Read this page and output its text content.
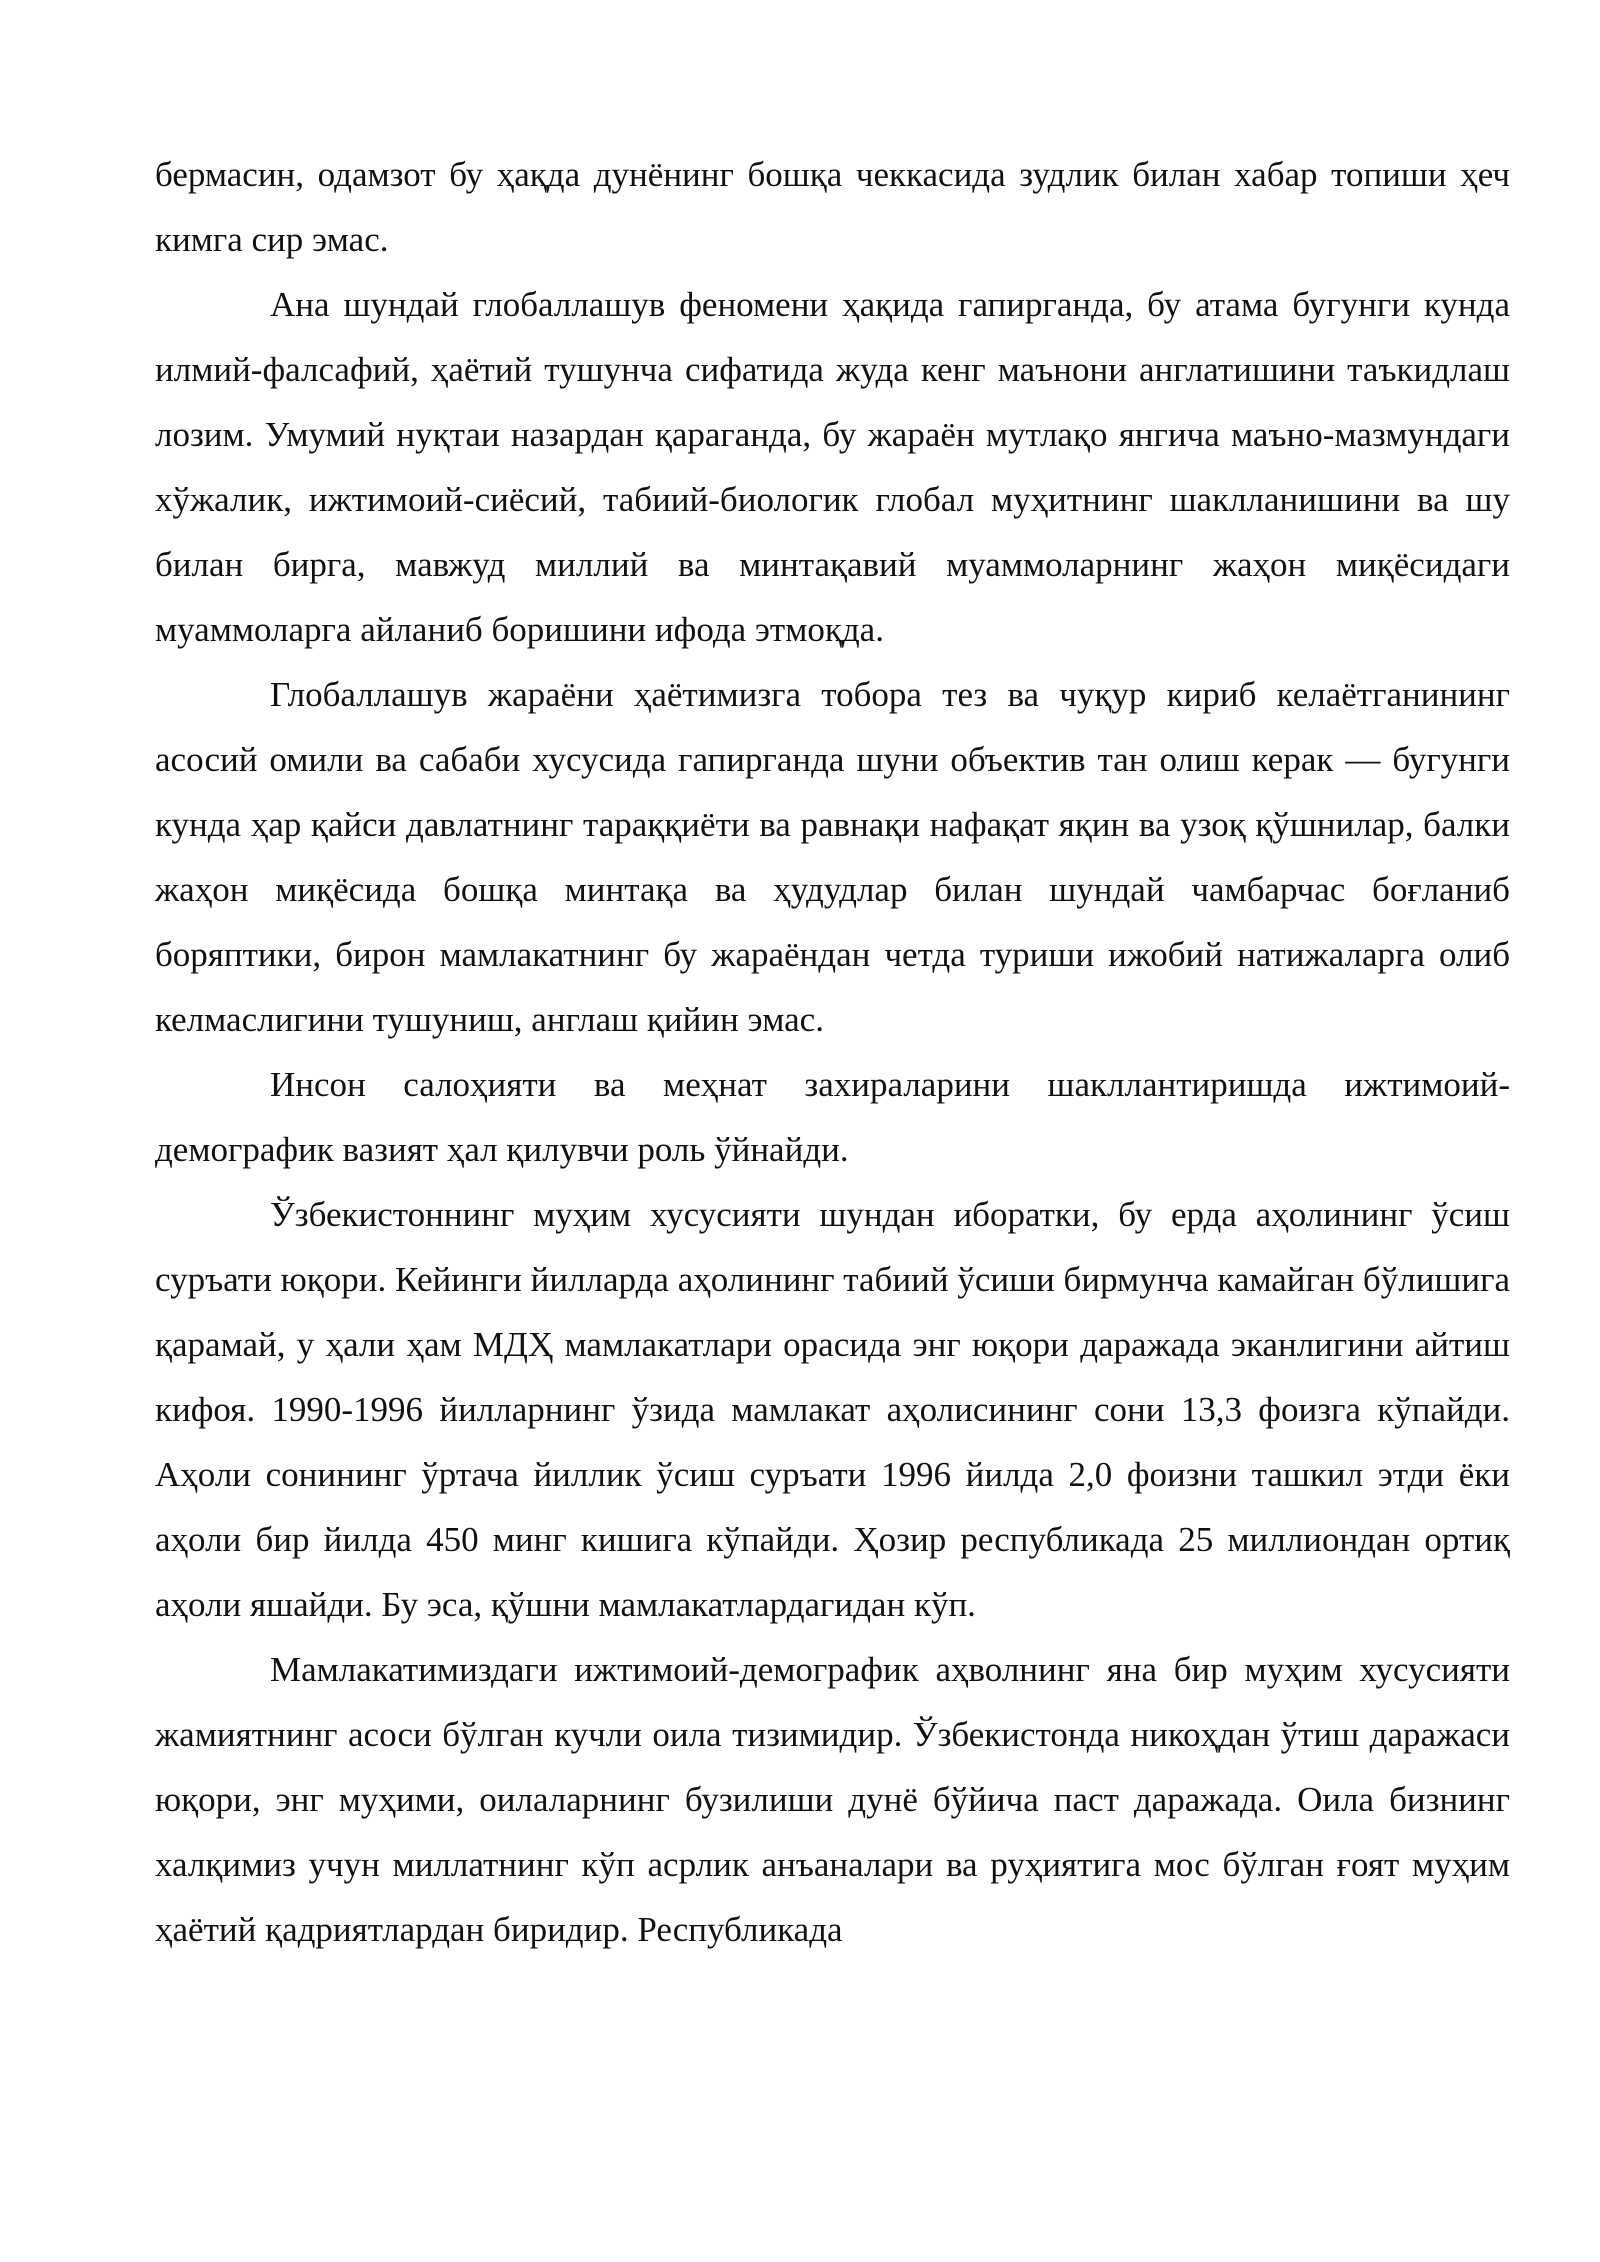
бермасин, одамзот бу ҳақда дунёнинг бошқа чеккасида зудлик билан хабар топиши ҳеч кимга сир эмас.

Ана шундай глобаллашув феномени ҳақида гапирганда, бу атама бугунги кунда илмий-фалсафий, ҳаётий тушунча сифатида жуда кенг маънони англатишини таъкидлаш лозим. Умумий нуқтаи назардан қараганда, бу жараён мутлақо янгича маъно-мазмундаги хўжалик, ижтимоий-сиёсий, табиий-биологик глобал муҳитнинг шаклланишини ва шу билан бирга, мавжуд миллий ва минтақавий муаммоларнинг жаҳон миқёсидаги муаммоларга айланиб боришини ифода этмоқда.

Глобаллашув жараёни ҳаётимизга тобора тез ва чуқур кириб келаётганининг асосий омили ва сабаби хусусида гапирганда шуни объектив тан олиш керак — бугунги кунда ҳар қайси давлатнинг тараққиёти ва равнақи нафақат яқин ва узоқ қўшнилар, балки жаҳон миқёсида бошқа минтақа ва ҳудудлар билан шундай чамбарчас боғланиб боряптики, бирон мамлакатнинг бу жараёндан четда туриши ижобий натижаларга олиб келмаслигини тушуниш, англаш қийин эмас.

Инсон салоҳияти ва меҳнат захираларини шакллантиришда ижтимоий-демографик вазият ҳал қилувчи роль ўйнайди.

Ўзбекистоннинг муҳим хусусияти шундан иборатки, бу ерда аҳолининг ўсиш суръати юқори. Кейинги йилларда аҳолининг табиий ўсиши бирмунча камайган бўлишига қарамай, у ҳали ҳам МДҲ мамлакатлари орасида энг юқори даражада эканлигини айтиш кифоя. 1990-1996 йилларнинг ўзида мамлакат аҳолисининг сони 13,3 фоизга кўпайди. Аҳоли сонининг ўртача йиллик ўсиш суръати 1996 йилда 2,0 фоизни ташкил этди ёки аҳоли бир йилда 450 минг кишига кўпайди. Ҳозир республикада 25 миллиондан ортиқ аҳоли яшайди. Бу эса, қўшни мамлакатлардагидан кўп.

Мамлакатимиздаги ижтимоий-демографик аҳволнинг яна бир муҳим хусусияти жамиятнинг асоси бўлган кучли оила тизимидир. Ўзбекистонда никоҳдан ўтиш даражаси юқори, энг муҳими, оилаларнинг бузилиши дунё бўйича паст даражада. Оила бизнинг халқимиз учун миллатнинг кўп асрлик анъаналари ва руҳиятига мос бўлган ғоят муҳим ҳаётий қадриятлардан биридир. Республикада
